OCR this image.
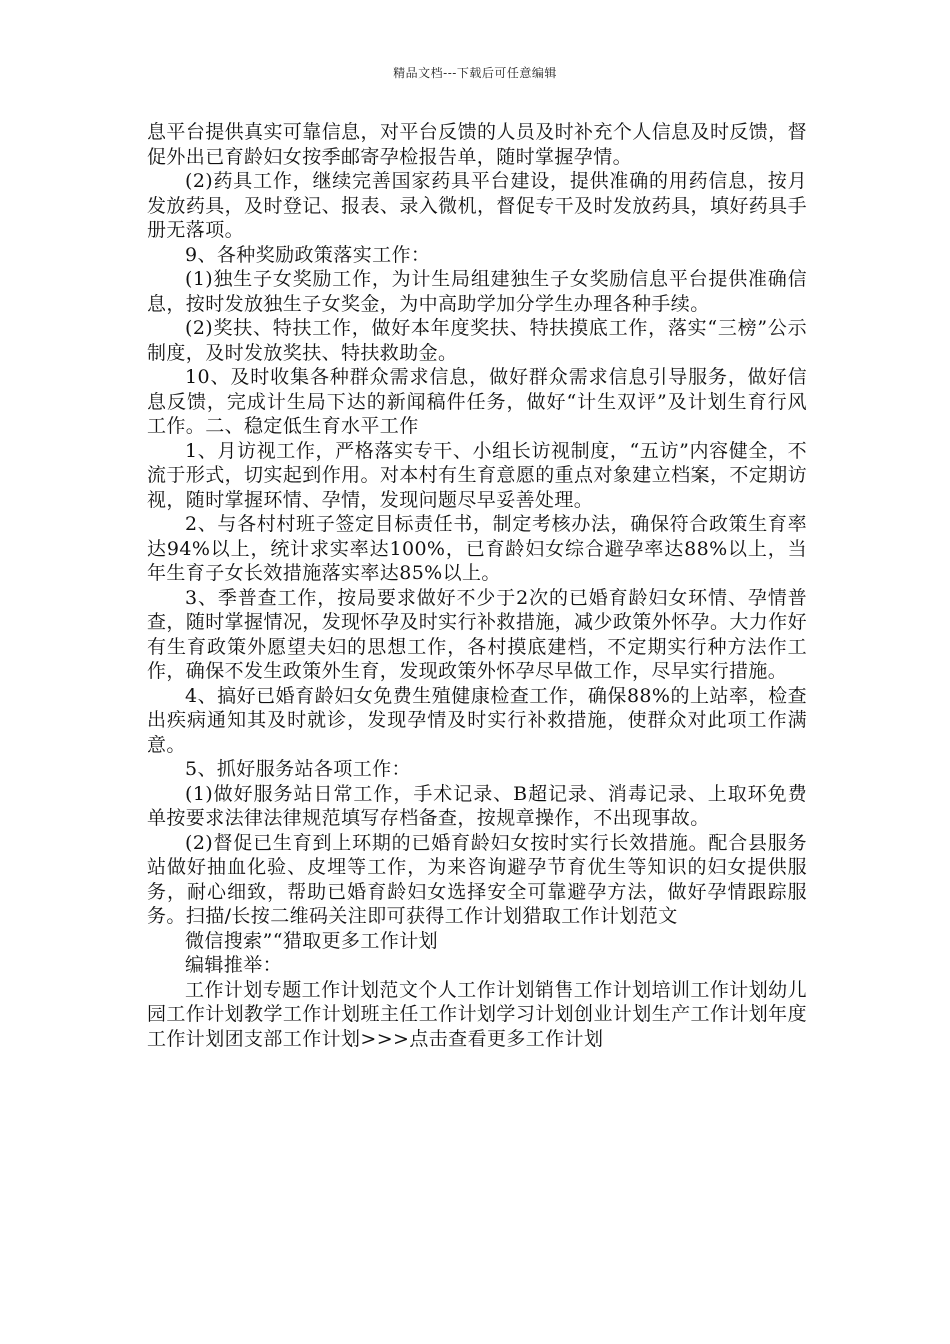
精品文档---下载后可任意编辑

息平台提供真实可靠信息，对平台反馈的人员及时补充个人信息及时反馈，督促外出已育龄妇女按季邮寄孕检报告单，随时掌握孕情。

(2)药具工作，继续完善国家药具平台建设，提供准确的用药信息，按月发放药具，及时登记、报表、录入微机，督促专干及时发放药具，填好药具手册无落项。

9、各种奖励政策落实工作：

(1)独生子女奖励工作，为计生局组建独生子女奖励信息平台提供准确信息，按时发放独生子女奖金，为中高助学加分学生办理各种手续。

(2)奖扶、特扶工作，做好本年度奖扶、特扶摸底工作，落实“三榜”公示制度，及时发放奖扶、特扶救助金。

10、及时收集各种群众需求信息，做好群众需求信息引导服务，做好信息反馈，完成计生局下达的新闻稿件任务，做好“计生双评”及计划生育行风工作。二、稳定低生育水平工作

1、月访视工作，严格落实专干、小组长访视制度，“五访”内容健全，不流于形式，切实起到作用。对本村有生育意愿的重点对象建立档案，不定期访视，随时掌握环情、孕情，发现问题尽早妥善处理。

2、与各村村班子签定目标责任书，制定考核办法，确保符合政策生育率达94%以上，统计求实率达100%，已育龄妇女综合避孕率达88%以上，当年生育子女长效措施落实率达85%以上。

3、季普查工作，按局要求做好不少于2次的已婚育龄妇女环情、孕情普查，随时掌握情况，发现怀孕及时实行补救措施，减少政策外怀孕。大力作好有生育政策外愿望夫妇的思想工作，各村摸底建档，不定期实行种方法作工作，确保不发生政策外生育，发现政策外怀孕尽早做工作，尽早实行措施。

4、搞好已婚育龄妇女免费生殖健康检查工作，确保88%的上站率，检查出疾病通知其及时就诊，发现孕情及时实行补救措施，使群众对此项工作满意。

5、抓好服务站各项工作：

(1)做好服务站日常工作，手术记录、B超记录、消毒记录、上取环免费单按要求法律法律规范填写存档备查，按规章操作，不出现事故。

(2)督促已生育到上环期的已婚育龄妇女按时实行长效措施。配合县服务站做好抽血化验、皮埋等工作，为来咨询避孕节育优生等知识的妇女提供服务，耐心细致，帮助已婚育龄妇女选择安全可靠避孕方法，做好孕情跟踪服务。扫描/长按二维码关注即可获得工作计划猎取工作计划范文

微信搜索”“猎取更多工作计划

编辑推举：

工作计划专题工作计划范文个人工作计划销售工作计划培训工作计划幼儿园工作计划教学工作计划班主任工作计划学习计划创业计划生产工作计划年度工作计划团支部工作计划>>>点击查看更多工作计划
